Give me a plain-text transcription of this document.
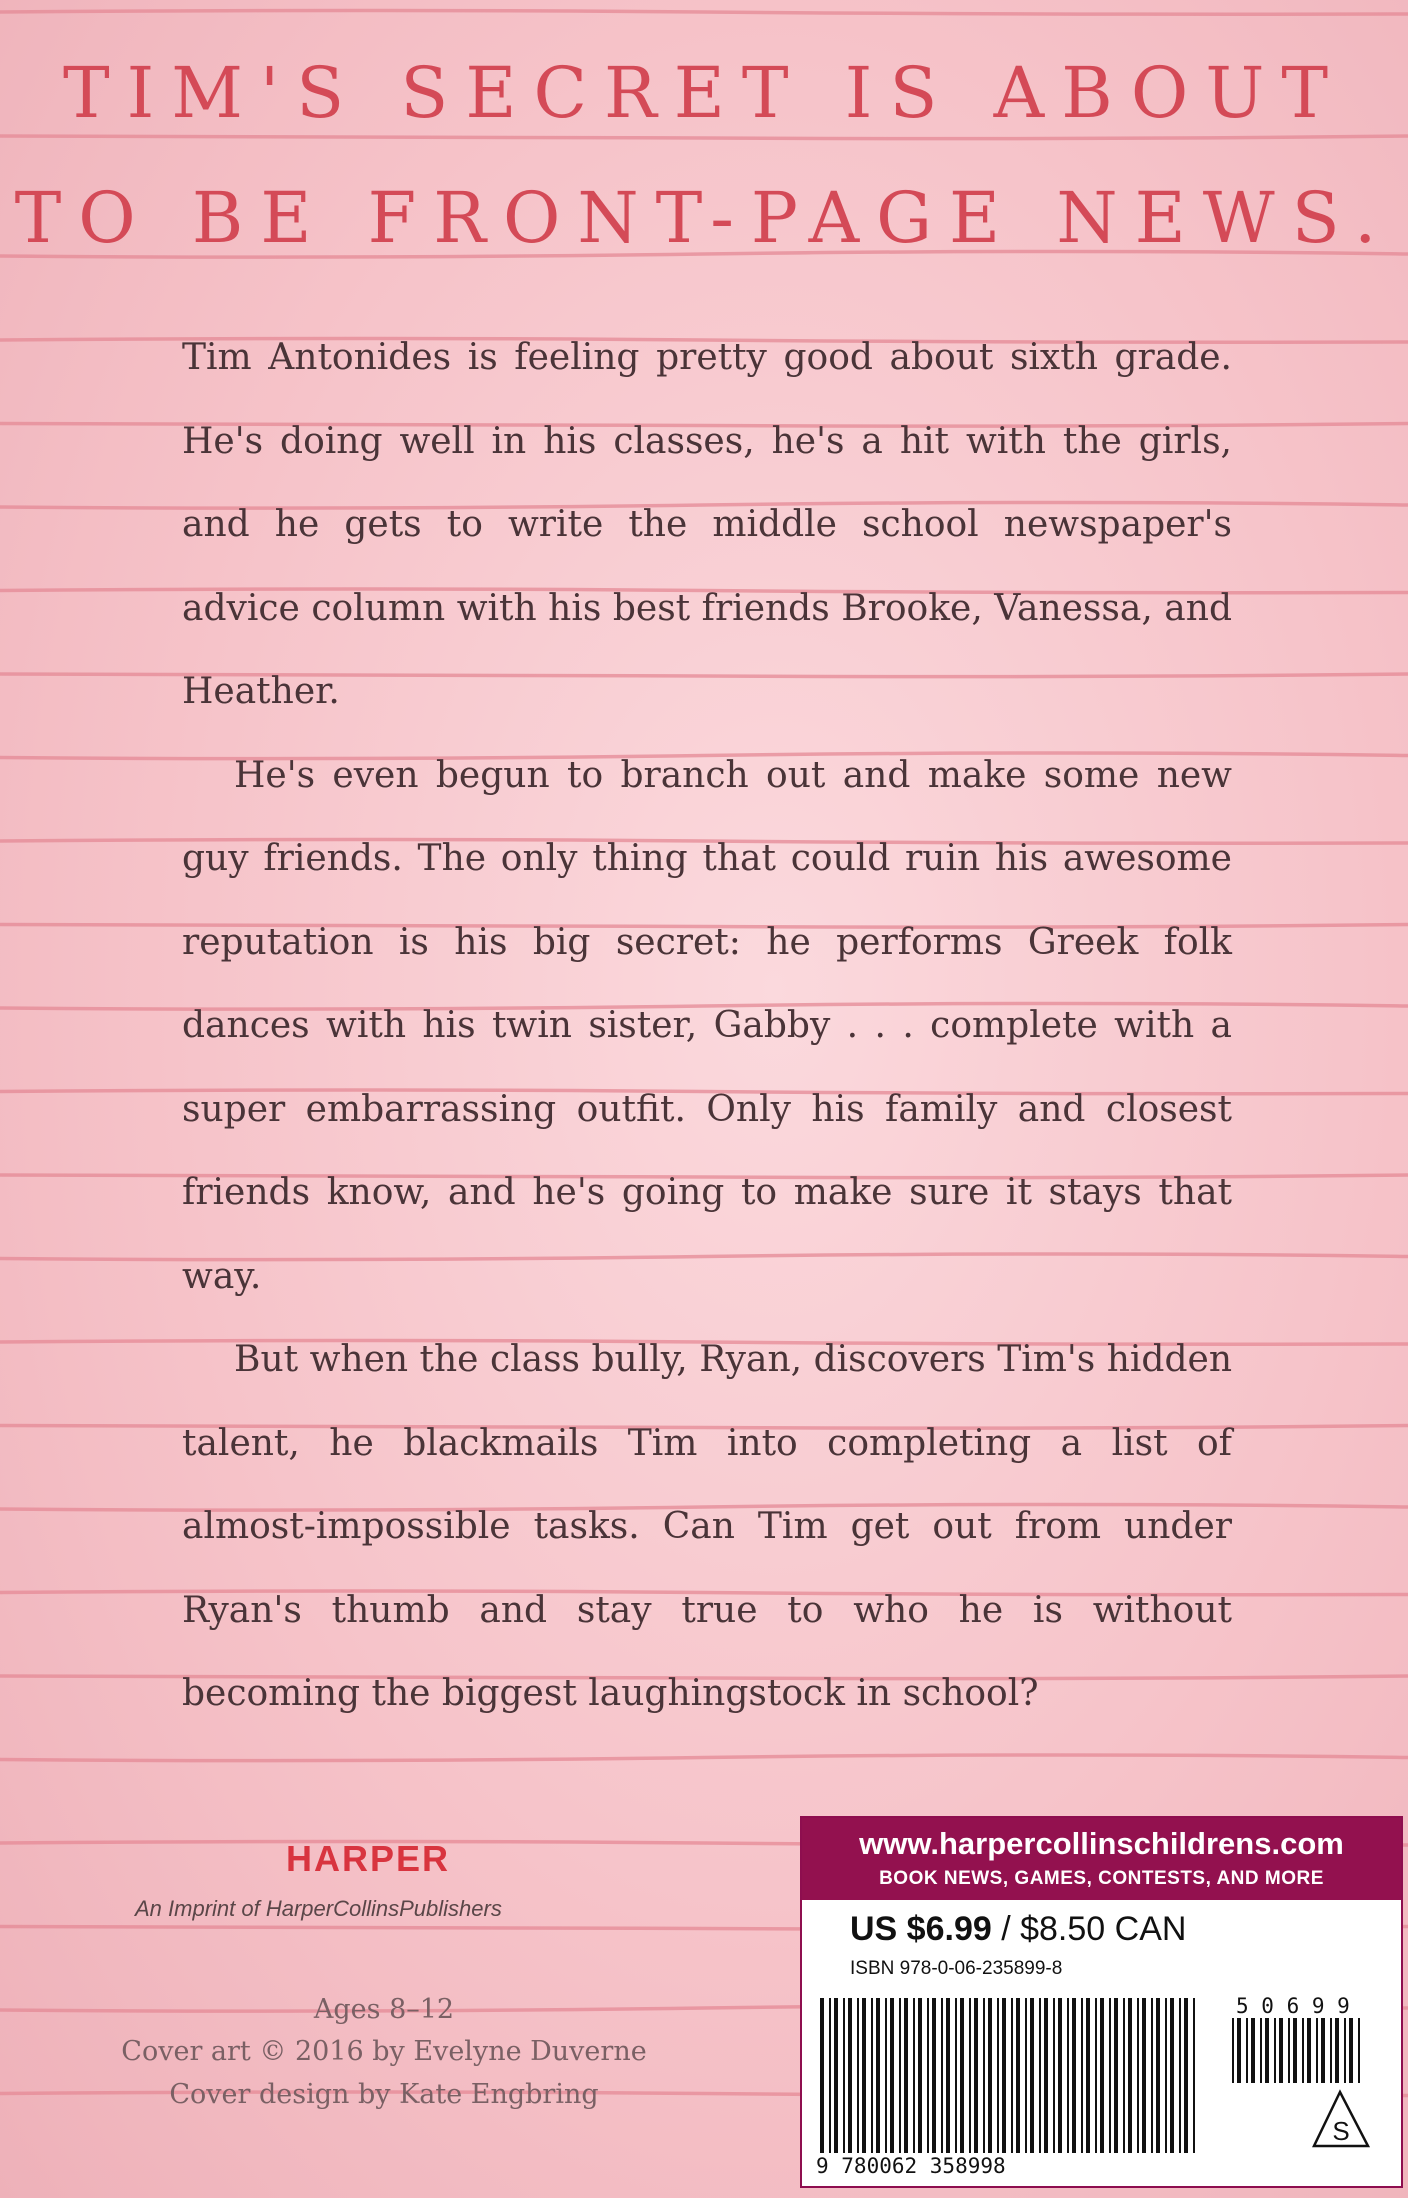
TIM'S SECRET IS ABOUT
TO BE FRONT-PAGE NEWS.

Tim Antonides is feeling pretty good about sixth grade. He's doing well in his classes, he's a hit with the girls, and he gets to write the middle school newspaper's advice column with his best friends Brooke, Vanessa, and Heather.

He's even begun to branch out and make some new guy friends. The only thing that could ruin his awesome reputation is his big secret: he performs Greek folk dances with his twin sister, Gabby . . . complete with a super embarrassing outfit. Only his family and closest friends know, and he's going to make sure it stays that way.

But when the class bully, Ryan, discovers Tim's hidden talent, he blackmails Tim into completing a list of almost-impossible tasks. Can Tim get out from under Ryan's thumb and stay true to who he is without becoming the biggest laughingstock in school?

HARPER
An Imprint of HarperCollinsPublishers
Ages 8–12
Cover art © 2016 by Evelyne Duverne
Cover design by Kate Engbring
www.harpercollinschildrens.com
BOOK NEWS, GAMES, CONTESTS, AND MORE
US $6.99 / $8.50 CAN
ISBN 978-0-06-235899-8
5 0 6 9 9
9 780062 358998
S
